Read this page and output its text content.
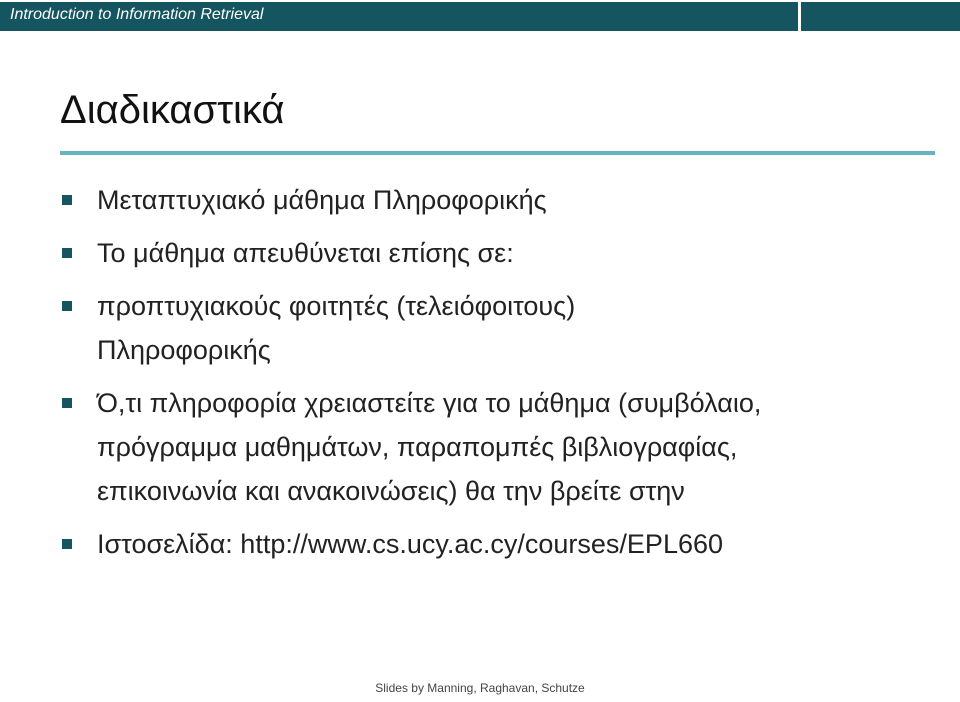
Introduction to Information Retrieval
Διαδικαστικά
Μεταπτυχιακό μάθημα Πληροφορικής
Το μάθημα απευθύνεται επίσης σε:
προπτυχιακούς φοιτητές (τελειόφοιτους) Πληροφορικής
Ό,τι πληροφορία χρειαστείτε για το μάθημα (συμβόλαιο, πρόγραμμα μαθημάτων, παραπομπές βιβλιογραφίας, επικοινωνία και ανακοινώσεις) θα την βρείτε στην
Ιστοσελίδα: http://www.cs.ucy.ac.cy/courses/EPL660
Slides by Manning, Raghavan, Schutze
